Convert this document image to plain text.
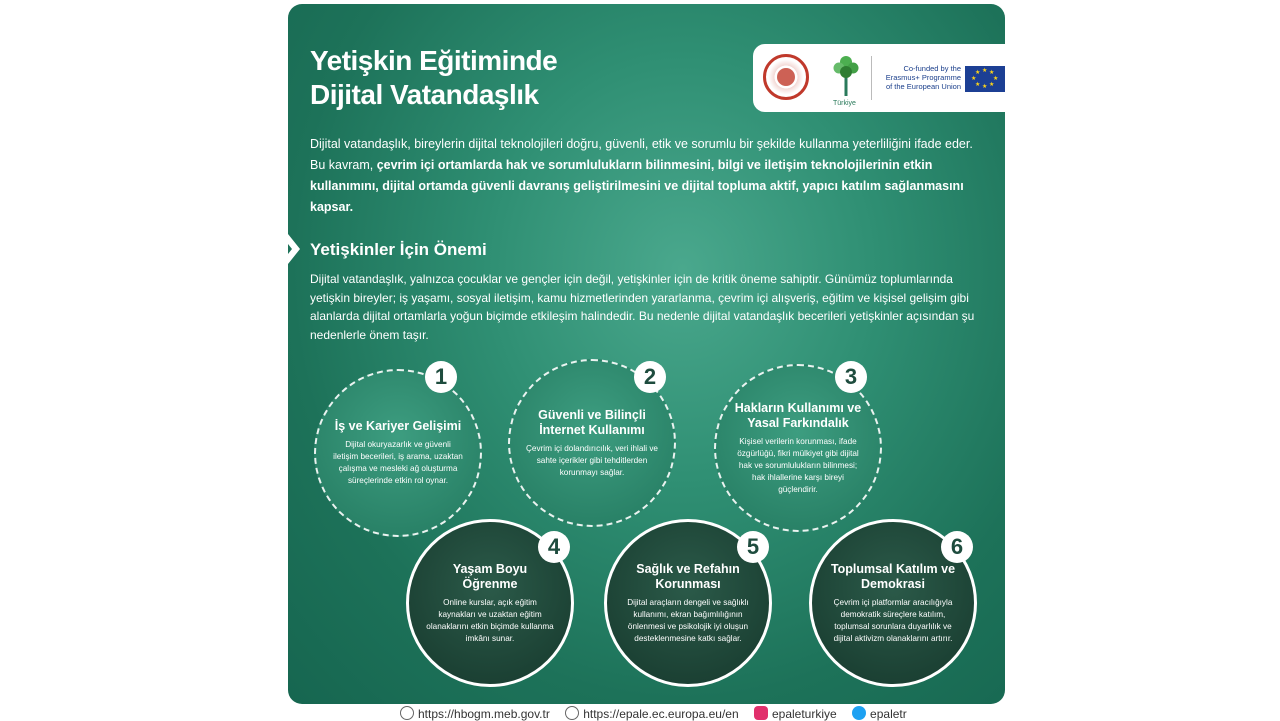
Yetişkin Eğitiminde
Dijital Vatandaşlık	Türkiye
Co-funded by the
Erasmus+ Programme
of the European Union
★ ★
★
★
★
★
★
★
Dijital vatandaşlık, bireylerin dijital teknolojileri doğru, güvenli, etik ve sorumlu bir şekilde kullanma yeterliliğini ifade eder. Bu kavram, çevrim içi ortamlarda hak ve sorumlulukların bilinmesini, bilgi ve iletişim teknolojilerinin etkin kullanımını, dijital ortamda güvenli davranış geliştirilmesini ve dijital topluma aktif, yapıcı katılım sağlanmasını kapsar.
Yetişkinler İçin Önemi
Dijital vatandaşlık, yalnızca çocuklar ve gençler için değil, yetişkinler için de kritik öneme sahiptir. Günümüz toplumlarında yetişkin bireyler; iş yaşamı, sosyal iletişim, kamu hizmetlerinden yararlanma, çevrim içi alışveriş, eğitim ve kişisel gelişim gibi alanlarda dijital ortamlarla yoğun biçimde etkileşim halindedir. Bu nedenle dijital vatandaşlık becerileri yetişkinler açısından şu nedenlerle önem taşır.
İş ve Kariyer Gelişimi

Dijital okuryazarlık ve güvenli iletişim becerileri, iş arama, uzaktan çalışma ve mesleki ağ oluşturma süreçlerinde etkin rol oynar.

1
Güvenli ve Bilinçli İnternet Kullanımı

Çevrim içi dolandırıcılık, veri ihlali ve sahte içerikler gibi tehditlerden korunmayı sağlar.

2
Hakların Kullanımı ve Yasal Farkındalık

Kişisel verilerin korunması, ifade özgürlüğü, fikri mülkiyet gibi dijital hak ve sorumlulukların bilinmesi; hak ihlallerine karşı bireyi güçlendirir.

3
Yaşam Boyu Öğrenme

Online kurslar, açık eğitim kaynakları ve uzaktan eğitim olanaklarını etkin biçimde kullanma imkânı sunar.

4
Sağlık ve Refahın Korunması

Dijital araçların dengeli ve sağlıklı kullanımı, ekran bağımlılığının önlenmesi ve psikolojik iyi oluşun desteklenmesine katkı sağlar.

5
Toplumsal Katılım ve Demokrasi

Çevrim içi platformlar aracılığıyla demokratik süreçlere katılım, toplumsal sorunlara duyarlılık ve dijital aktivizm olanaklarını artırır.

6
https://hbogm.meb.gov.tr	https://epale.ec.europa.eu/en	epaleturkiye	epaletr
